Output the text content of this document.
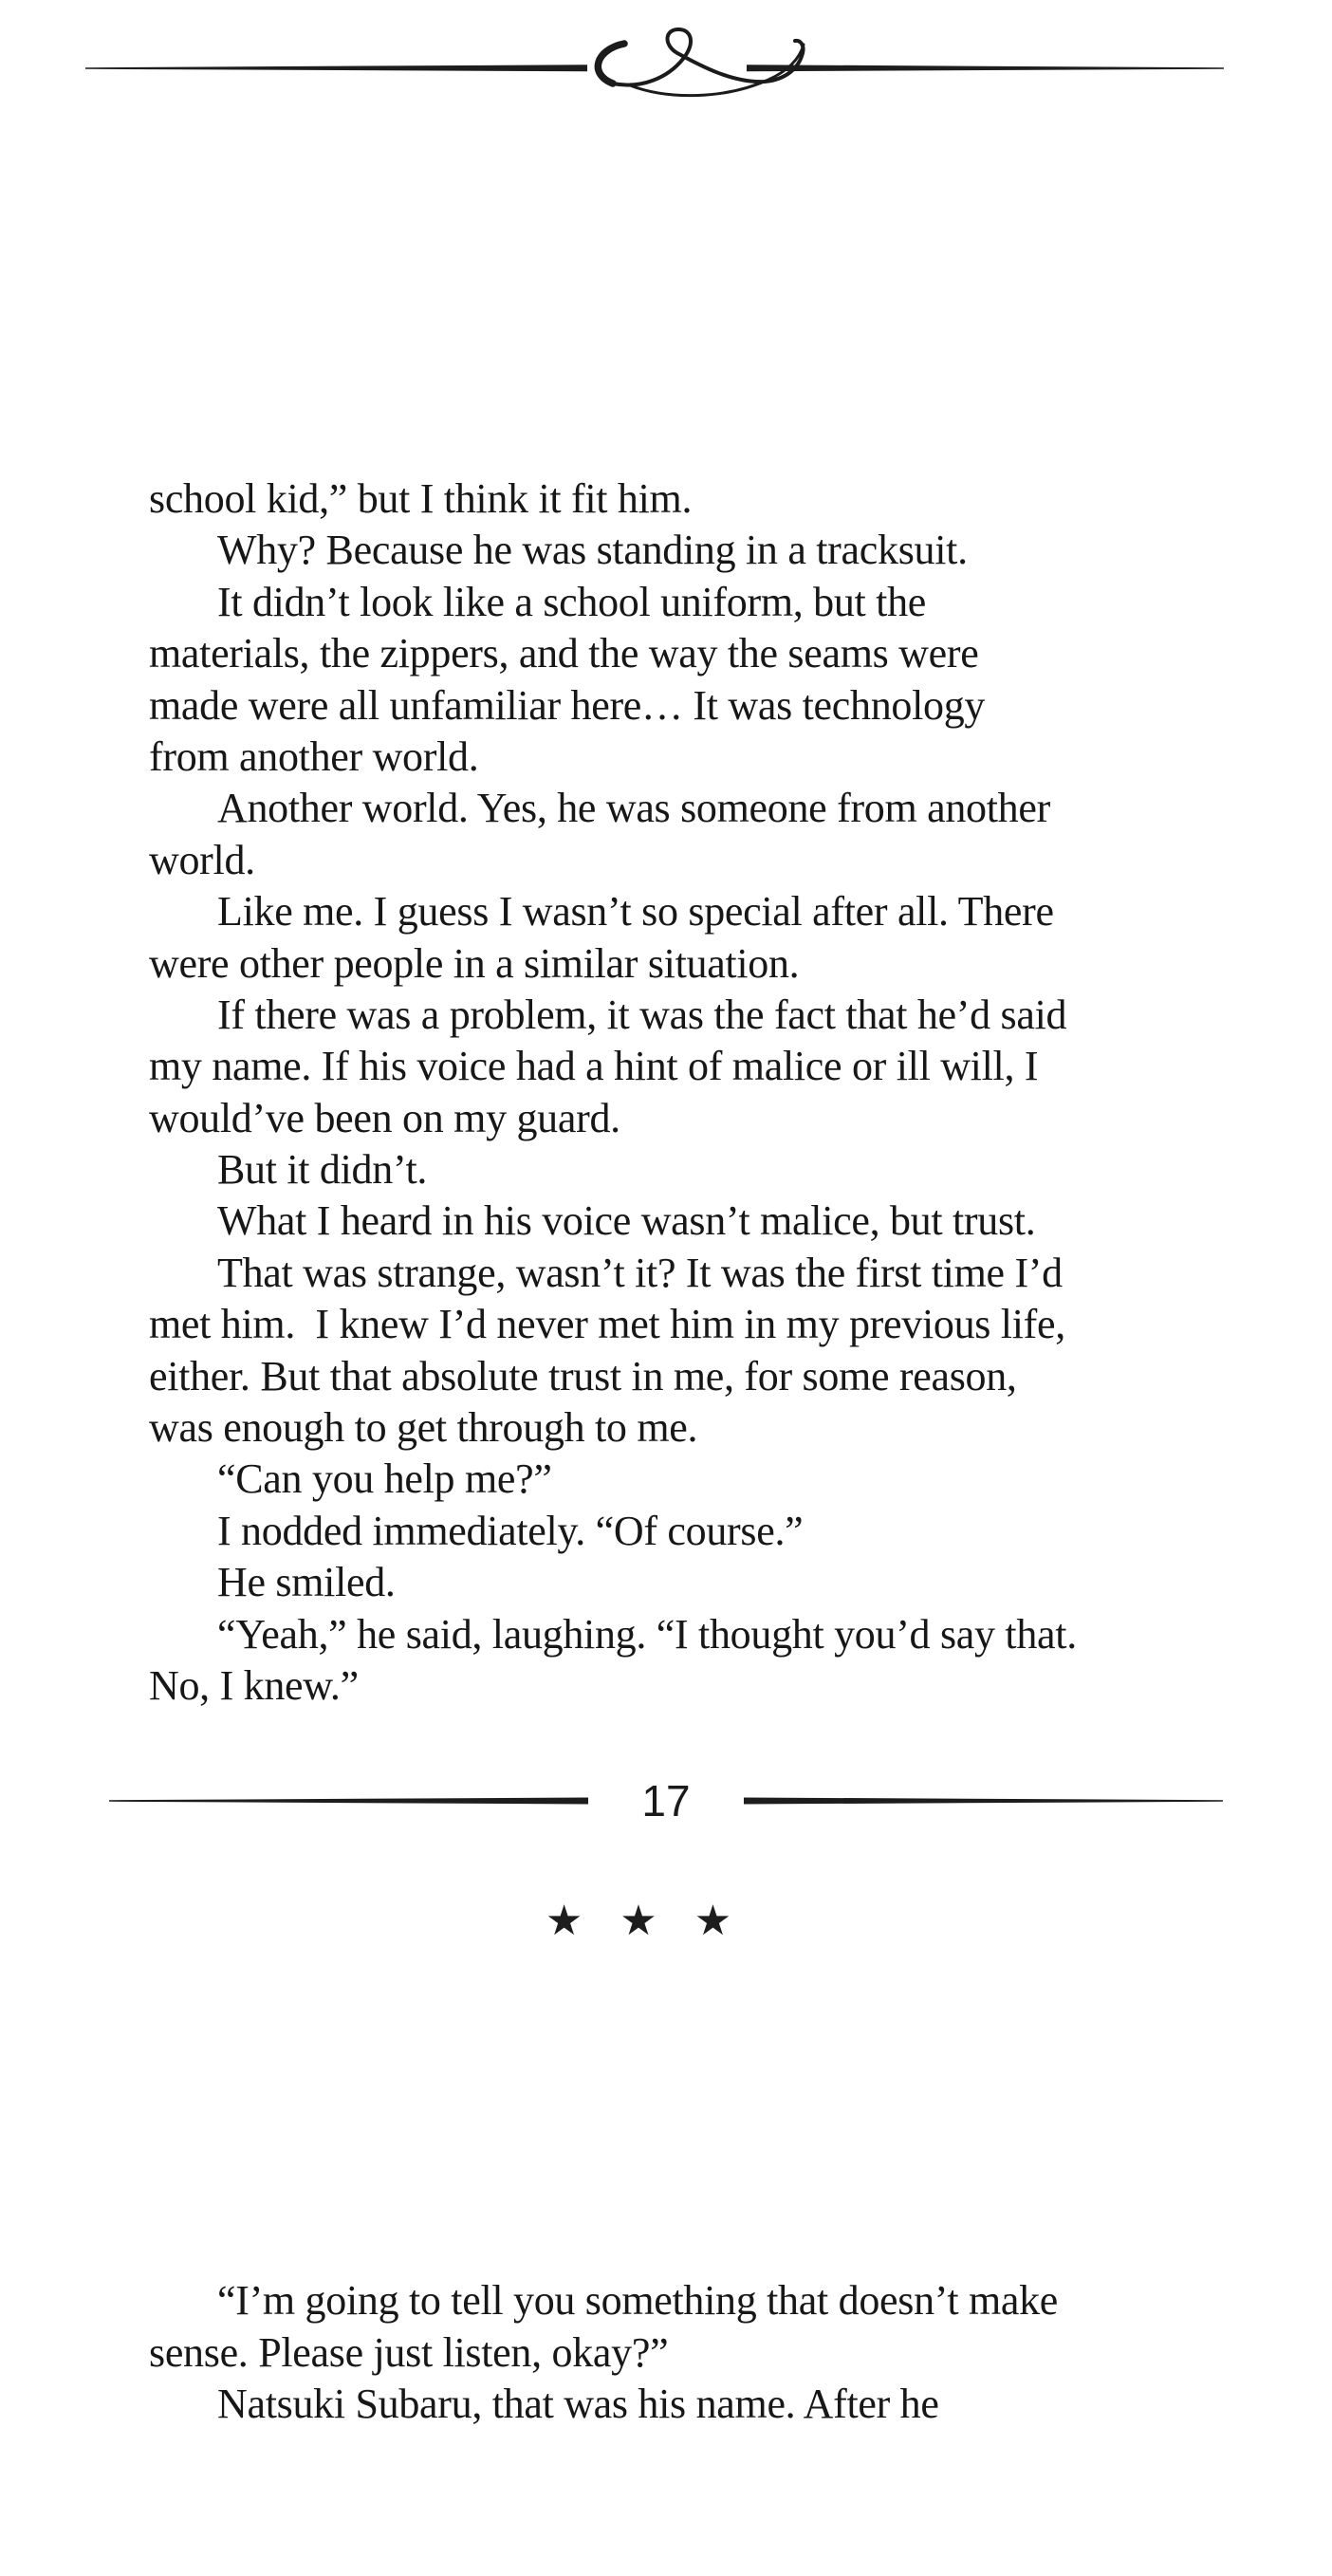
school kid,” but I think it fit him.
Why? Because he was standing in a tracksuit.
It didn’t look like a school uniform, but the
materials, the zippers, and the way the seams were
made were all unfamiliar here… It was technology
from another world.
Another world. Yes, he was someone from another
world.
Like me. I guess I wasn’t so special after all. There
were other people in a similar situation.
If there was a problem, it was the fact that he’d said
my name. If his voice had a hint of malice or ill will, I
would’ve been on my guard.
But it didn’t.
What I heard in his voice wasn’t malice, but trust.
That was strange, wasn’t it? It was the first time I’d
met him.  I knew I’d never met him in my previous life,
either. But that absolute trust in me, for some reason,
was enough to get through to me.
“Can you help me?”
I nodded immediately. “Of course.”
He smiled.
“Yeah,” he said, laughing. “I thought you’d say that.
No, I knew.”

★ ★ ★

“I’m going to tell you something that doesn’t make
sense. Please just listen, okay?”
Natsuki Subaru, that was his name. After he

17
